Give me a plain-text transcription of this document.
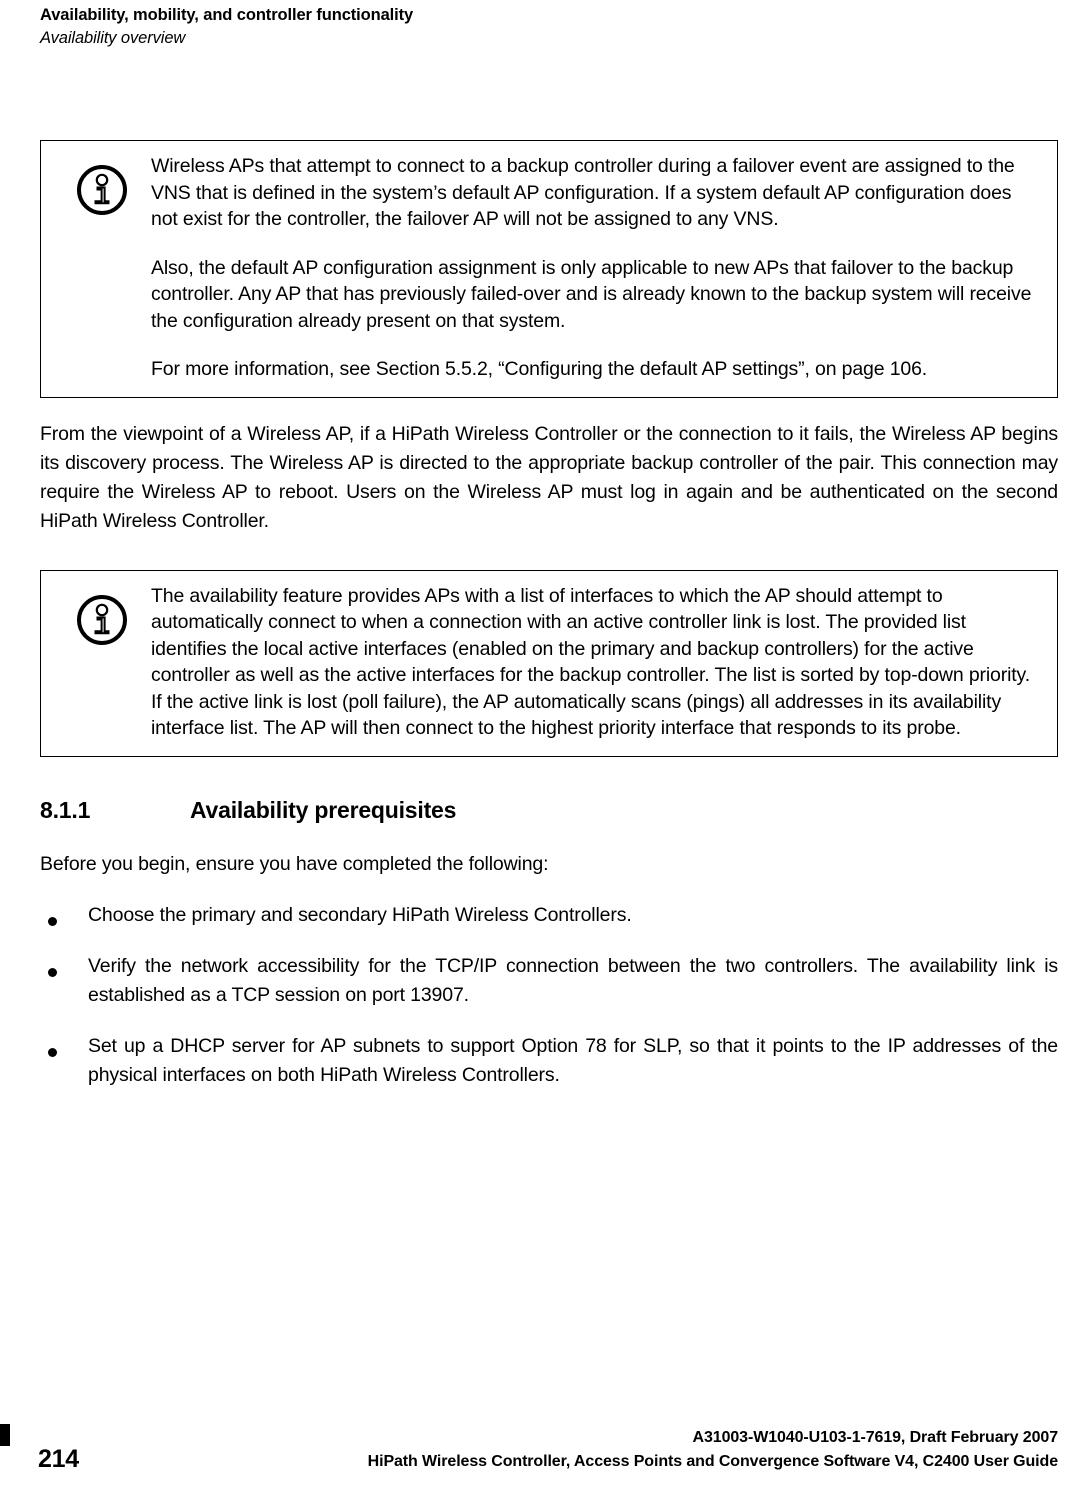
Availability, mobility, and controller functionality
Availability overview

Wireless APs that attempt to connect to a backup controller during a failover event are assigned to the VNS that is defined in the system’s default AP configuration. If a system default AP configuration does not exist for the controller, the failover AP will not be assigned to any VNS.

Also, the default AP configuration assignment is only applicable to new APs that failover to the backup controller. Any AP that has previously failed-over and is already known to the backup system will receive the configuration already present on that system.

For more information, see Section 5.5.2, “Configuring the default AP settings”, on page 106.

From the viewpoint of a Wireless AP, if a HiPath Wireless Controller or the connection to it fails, the Wireless AP begins its discovery process. The Wireless AP is directed to the appropriate backup controller of the pair. This connection may require the Wireless AP to reboot. Users on the Wireless AP must log in again and be authenticated on the second HiPath Wireless Controller.

The availability feature provides APs with a list of interfaces to which the AP should attempt to automatically connect to when a connection with an active controller link is lost. The provided list identifies the local active interfaces (enabled on the primary and backup controllers) for the active controller as well as the active interfaces for the backup controller. The list is sorted by top-down priority. If the active link is lost (poll failure), the AP automatically scans (pings) all addresses in its availability interface list. The AP will then connect to the highest priority interface that responds to its probe.

8.1.1	Availability prerequisites

Before you begin, ensure you have completed the following:

Choose the primary and secondary HiPath Wireless Controllers.
Verify the network accessibility for the TCP/IP connection between the two controllers. The availability link is established as a TCP session on port 13907.
Set up a DHCP server for AP subnets to support Option 78 for SLP, so that it points to the IP addresses of the physical interfaces on both HiPath Wireless Controllers.
214
A31003-W1040-U103-1-7619, Draft February 2007
HiPath Wireless Controller, Access Points and Convergence Software V4, C2400 User Guide
